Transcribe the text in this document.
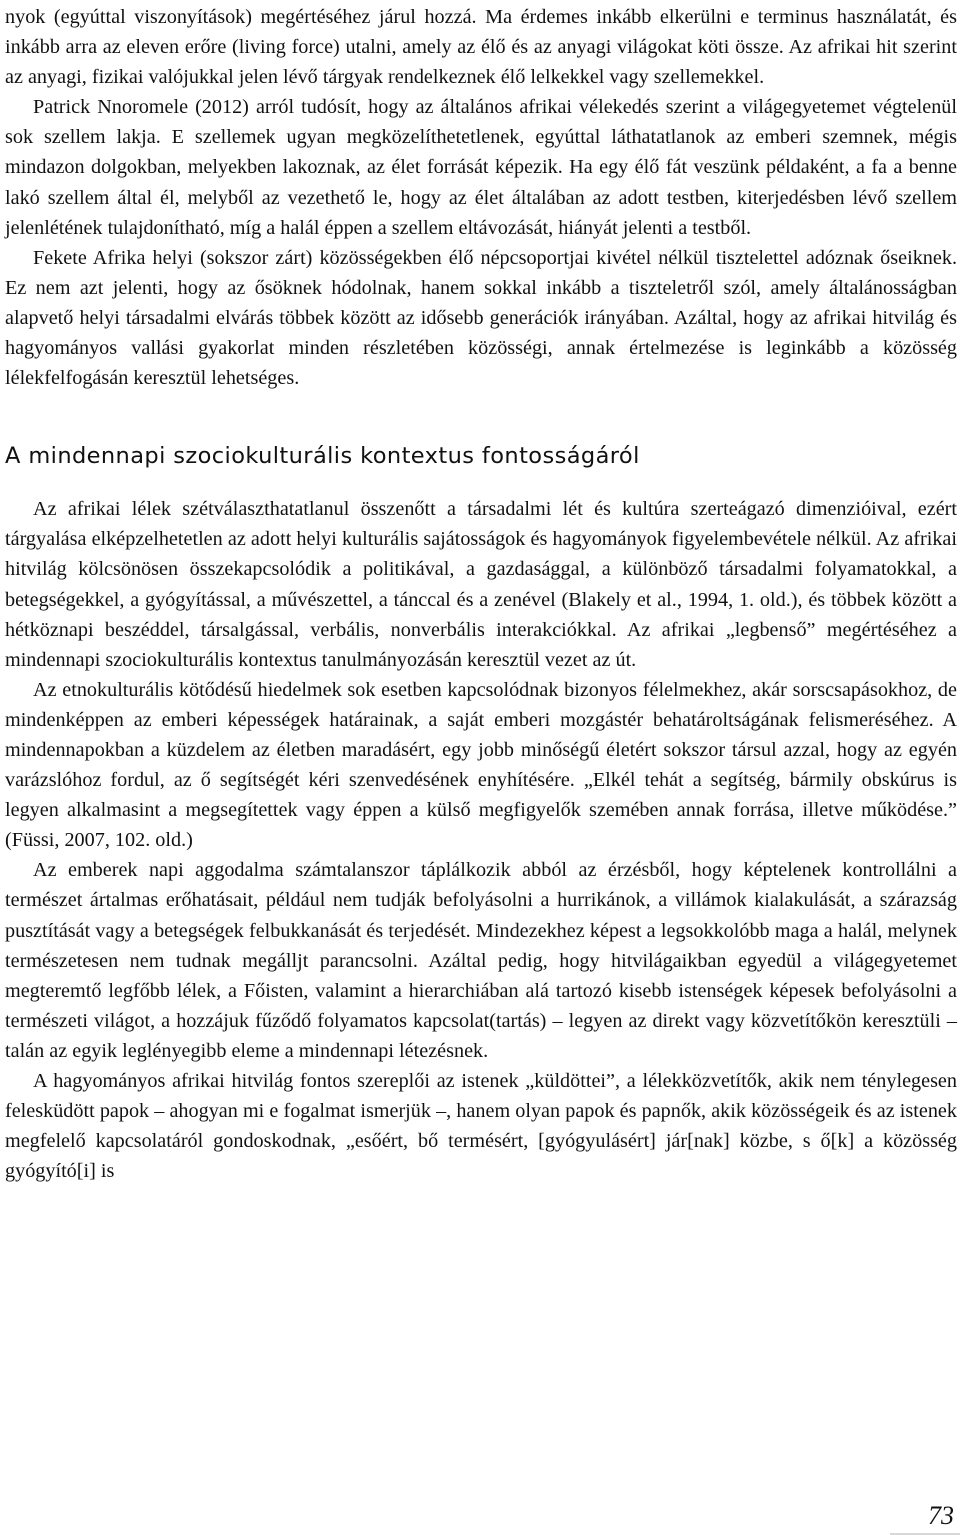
nyok (egyúttal viszonyítások) megértéséhez járul hozzá. Ma érdemes inkább elkerülni e terminus használatát, és inkább arra az eleven erőre (living force) utalni, amely az élő és az anyagi világokat köti össze. Az afrikai hit szerint az anyagi, fizikai valójukkal jelen lévő tárgyak rendelkeznek élő lelkekkel vagy szellemekkel.

Patrick Nnoromele (2012) arról tudósít, hogy az általános afrikai vélekedés szerint a világegyetemet végtelenül sok szellem lakja. E szellemek ugyan megközelíthetetlenek, egyúttal láthatatlanok az emberi szemnek, mégis mindazon dolgokban, melyekben lakoznak, az élet forrását képezik. Ha egy élő fát veszünk példaként, a fa a benne lakó szellem által él, melyből az vezethető le, hogy az élet általában az adott testben, kiterjedésben lévő szellem jelenlétének tulajdonítható, míg a halál éppen a szellem eltávozását, hiányát jelenti a testből.

Fekete Afrika helyi (sokszor zárt) közösségekben élő népcsoportjai kivétel nélkül tisztelettel adóznak őseiknek. Ez nem azt jelenti, hogy az ősöknek hódolnak, hanem sokkal inkább a tiszteletről szól, amely általánosságban alapvető helyi társadalmi elvárás többek között az idősebb generációk irányában. Azáltal, hogy az afrikai hitvilág és hagyományos vallási gyakorlat minden részletében közösségi, annak értelmezése is leginkább a közösség lélekfelfogásán keresztül lehetséges.

A mindennapi szociokulturális kontextus fontosságáról

Az afrikai lélek szétválaszthatatlanul összenőtt a társadalmi lét és kultúra szerteágazó dimenzióival, ezért tárgyalása elképzelhetetlen az adott helyi kulturális sajátosságok és hagyományok figyelembevétele nélkül. Az afrikai hitvilág kölcsönösen összekapcsolódik a politikával, a gazdasággal, a különböző társadalmi folyamatokkal, a betegségekkel, a gyógyítással, a művészettel, a tánccal és a zenével (Blakely et al., 1994, 1. old.), és többek között a hétköznapi beszéddel, társalgással, verbális, nonverbális interakciókkal. Az afrikai „legbenső” megértéséhez a mindennapi szociokulturális kontextus tanulmányozásán keresztül vezet az út.

Az etnokulturális kötődésű hiedelmek sok esetben kapcsolódnak bizonyos félelmekhez, akár sorscsapásokhoz, de mindenképpen az emberi képességek határainak, a saját emberi mozgástér behatároltságának felismeréséhez. A mindennapokban a küzdelem az életben maradásért, egy jobb minőségű életért sokszor társul azzal, hogy az egyén varázslóhoz fordul, az ő segítségét kéri szenvedésének enyhítésére. „Elkél tehát a segítség, bármily obskúrus is legyen alkalmasint a megsegítettek vagy éppen a külső megfigyelők szemében annak forrása, illetve működése.” (Füssi, 2007, 102. old.)

Az emberek napi aggodalma számtalanszor táplálkozik abból az érzésből, hogy képtelenek kontrollálni a természet ártalmas erőhatásait, például nem tudják befolyásolni a hurrikánok, a villámok kialakulását, a szárazság pusztítását vagy a betegségek felbukkanását és terjedését. Mindezekhez képest a legsokkolóbb maga a halál, melynek természetesen nem tudnak megálljt parancsolni. Azáltal pedig, hogy hitvilágaikban egyedül a világegyetemet megteremtő legfőbb lélek, a Főisten, valamint a hierarchiában alá tartozó kisebb istenségek képesek befolyásolni a természeti világot, a hozzájuk fűződő folyamatos kapcsolat(tartás) – legyen az direkt vagy közvetítőkön keresztüli – talán az egyik leglényegibb eleme a mindennapi létezésnek.

A hagyományos afrikai hitvilág fontos szereplői az istenek „küldöttei”, a lélekközvetítők, akik nem ténylegesen felesküdött papok – ahogyan mi e fogalmat ismerjük –, hanem olyan papok és papnők, akik közösségeik és az istenek megfelelő kapcsolatáról gondoskodnak, „esőért, bő termésért, [gyógyulásért] jár[nak] közbe, s ő[k] a közösség gyógyító[i] is

73
